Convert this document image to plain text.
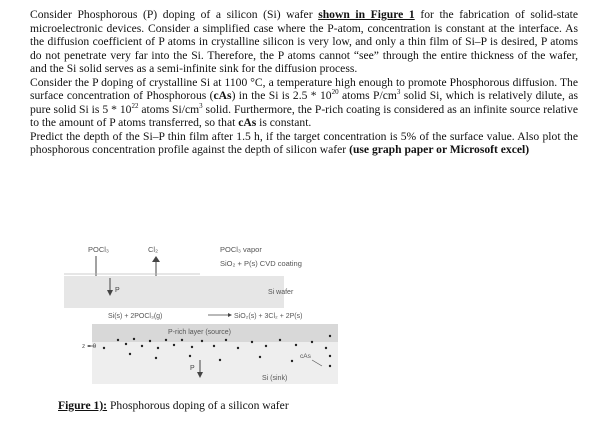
Consider Phosphorous (P) doping of a silicon (Si) wafer shown in Figure 1 for the fabrication of solid-state microelectronic devices. Consider a simplified case where the P-atom, concentration is constant at the interface. As the diffusion coefficient of P atoms in crystalline silicon is very low, and only a thin film of Si–P is desired, P atoms do not penetrate very far into the Si. Therefore, the P atoms cannot “see” through the entire thickness of the wafer, and the Si solid serves as a semi-infinite sink for the diffusion process.

Consider the P doping of crystalline Si at 1100 °C, a temperature high enough to promote Phosphorous diffusion. The surface concentration of Phosphorous (cAs) in the Si is $2.5 * 10^{20}$ atoms $P/cm^3$ solid Si, which is relatively dilute, as pure solid Si is $5 * 10^{22}$ atoms $Si/cm^3$ solid. Furthermore, the P-rich coating is considered as an infinite source relative to the amount of P atoms transferred, so that cAs is constant.

Predict the depth of the Si–P thin film after 1.5 h, if the target concentration is 5% of the surface value. Also plot the phosphorous concentration profile against the depth of silicon wafer (use graph paper or Microsoft excel)

POCl₃	Cl₂	POCl₃ vapor
SiO₂ + P(s) CVD coating
P	Si wafer
Si(s) + 2POCl₃(g)	SiO₂(s) + 3Cl₂ + 2P(s)
P-rich layer (source)
z = 0
cAs
P
Si (sink)
Figure 1): Phosphorous doping of a silicon wafer
